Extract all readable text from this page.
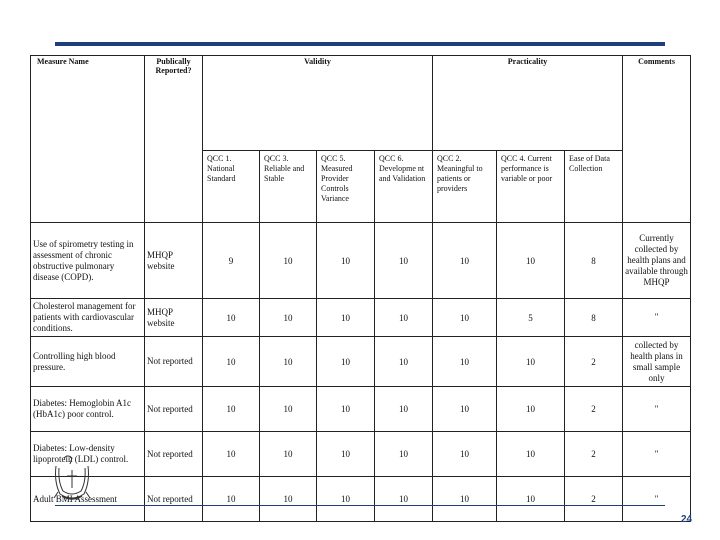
Measure Name	Publically Reported?	Validity				Practicality			Comments
		QCC 1. National Standard	QCC 3. Reliable and Stable	QCC 5. Measured Provider Controls Variance	QCC 6. Developme nt and Validation	QCC 2. Meaningful to patients or providers	QCC 4. Current performance is variable or poor	Ease of Data Collection	
Use of spirometry testing in assessment of chronic obstructive pulmonary disease (COPD).	MHQP website	9	10	10	10	10	10	8	Currently collected by health plans and available through MHQP
Cholesterol management for patients with cardiovascular conditions.	MHQP website	10	10	10	10	10	5	8	"
Controlling high blood pressure.	Not reported	10	10	10	10	10	10	2	collected by health plans in small sample only
Diabetes: Hemoglobin A1c (HbA1c) poor control.	Not reported	10	10	10	10	10	10	2	"
Diabetes: Low-density lipoprotein (LDL) control.	Not reported	10	10	10	10	10	10	2	"
Adult BMI Assessment	Not reported	10	10	10	10	10	10	2	"
24
